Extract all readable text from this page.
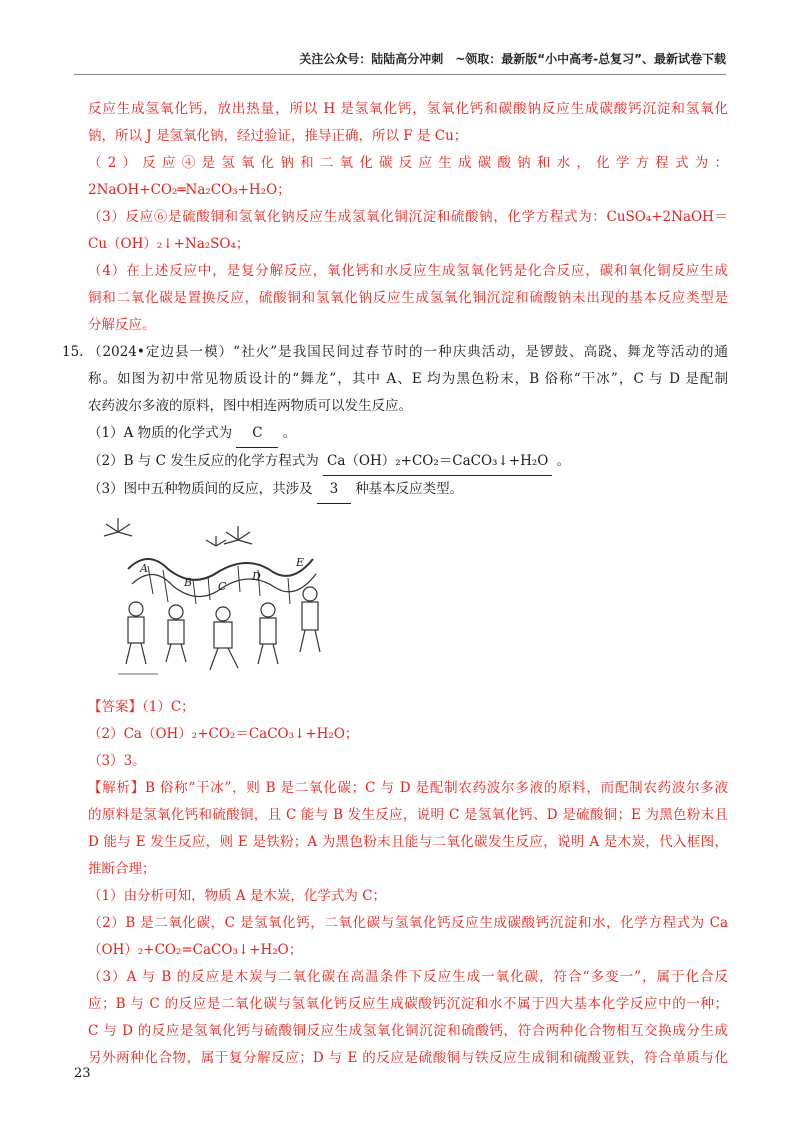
关注公众号：陆陆高分冲刺　~领取：最新版“小中高考-总复习”、最新试卷下载
反应生成氢氧化钙，放出热量，所以 H 是氢氧化钙，氢氧化钙和碳酸钠反应生成碳酸钙沉淀和氢氧化
钠，所以 J 是氢氧化钠，经过验证，推导正确，所以 F 是 Cu；
（2）反应④是氢氧化钠和二氧化碳反应生成碳酸钠和水，化学方程式为：
2NaOH+CO₂═Na₂CO₃+H₂O；
（3）反应⑥是硫酸铜和氢氧化钠反应生成氢氧化铜沉淀和硫酸钠，化学方程式为：CuSO₄+2NaOH＝
Cu（OH）₂↓+Na₂SO₄；
（4）在上述反应中，是复分解反应，氧化钙和水反应生成氢氧化钙是化合反应，碳和氧化铜反应生成
铜和二氧化碳是置换反应，硫酸铜和氢氧化钠反应生成氢氧化铜沉淀和硫酸钠未出现的基本反应类型是
分解反应。
15. （2024•定边县一模）“社火”是我国民间过春节时的一种庆典活动，是锣鼓、高跷、舞龙等活动的通
称。如图为初中常见物质设计的“舞龙”，其中 A、E 均为黑色粉末，B 俗称“干冰”，C 与 D 是配制
农药波尔多液的原料，图中相连两物质可以发生反应。
（1）A 物质的化学式为 C 。
（2）B 与 C 发生反应的化学方程式为 Ca（OH）₂+CO₂＝CaCO₃↓+H₂O 。
（3）图中五种物质间的反应，共涉及 3 种基本反应类型。
A
B C
D
E
【答案】（1）C；
（2）Ca（OH）₂+CO₂＝CaCO₃↓+H₂O；
（3）3。
【解析】B 俗称“干冰”，则 B 是二氧化碳；C 与 D 是配制农药波尔多液的原料，而配制农药波尔多液
的原料是氢氧化钙和硫酸铜，且 C 能与 B 发生反应，说明 C 是氢氧化钙、D 是硫酸铜；E 为黑色粉末且
D 能与 E 发生反应，则 E 是铁粉；A 为黑色粉末且能与二氧化碳发生反应，说明 A 是木炭，代入框图，
推断合理；
（1）由分析可知，物质 A 是木炭，化学式为 C；
（2）B 是二氧化碳，C 是氢氧化钙，二氧化碳与氢氧化钙反应生成碳酸钙沉淀和水，化学方程式为 Ca
（OH）₂+CO₂=CaCO₃↓+H₂O；
（3）A 与 B 的反应是木炭与二氧化碳在高温条件下反应生成一氧化碳，符合“多变一”，属于化合反
应；B 与 C 的反应是二氧化碳与氢氧化钙反应生成碳酸钙沉淀和水不属于四大基本化学反应中的一种；
C 与 D 的反应是氢氧化钙与硫酸铜反应生成氢氧化铜沉淀和硫酸钙，符合两种化合物相互交换成分生成
另外两种化合物，属于复分解反应；D 与 E 的反应是硫酸铜与铁反应生成铜和硫酸亚铁，符合单质与化
23
